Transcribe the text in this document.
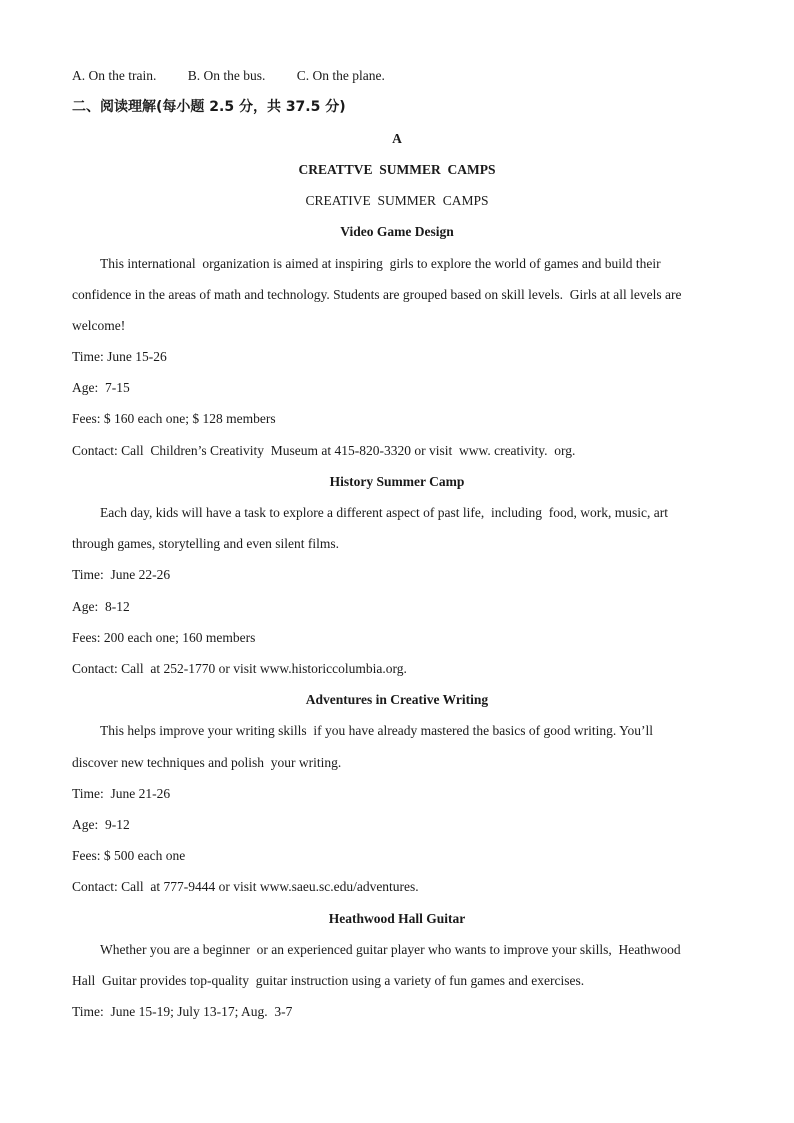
A. On the train. B. On the bus. C. On the plane.
二、阅读理解(每小题 2.5 分，共 37.5 分)
A
CREATTVE  SUMMER  CAMPS
CREATIVE  SUMMER  CAMPS
Video Game Design
This international  organization is aimed at inspiring  girls to explore the world of games and build their
confidence in the areas of math and technology. Students are grouped based on skill levels.  Girls at all levels are
welcome!
Time: June 15-26
Age:  7-15
Fees: $ 160 each one; $ 128 members
Contact: Call  Children’s Creativity  Museum at 415-820-3320 or visit  www. creativity.  org.
History Summer Camp
Each day, kids will have a task to explore a different aspect of past life,  including  food, work, music, art
through games, storytelling and even silent films.
Time:  June 22-26
Age:  8-12
Fees: 200 each one; 160 members
Contact: Call  at 252-1770 or visit www.historiccolumbia.org.
Adventures in Creative Writing
This helps improve your writing skills  if you have already mastered the basics of good writing. You’ll
discover new techniques and polish  your writing.
Time:  June 21-26
Age:  9-12
Fees: $ 500 each one
Contact: Call  at 777-9444 or visit www.saeu.sc.edu/adventures.
Heathwood Hall Guitar
Whether you are a beginner  or an experienced guitar player who wants to improve your skills,  Heathwood
Hall  Guitar provides top-quality  guitar instruction using a variety of fun games and exercises.
Time:  June 15-19; July 13-17; Aug.  3-7
